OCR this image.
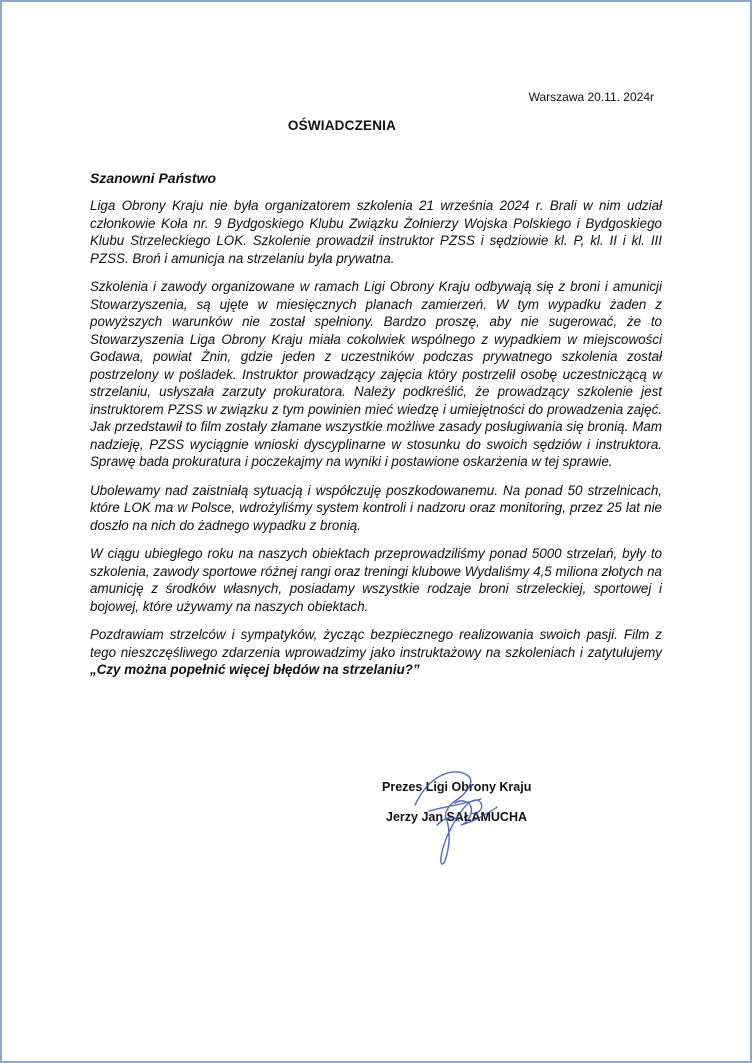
Warszawa 20.11. 2024r
OŚWIADCZENIA
Szanowni Państwo

Liga Obrony Kraju nie była organizatorem szkolenia 21 września 2024 r. Brali w nim udział członkowie Koła nr. 9 Bydgoskiego Klubu Związku Żołnierzy Wojska Polskiego i Bydgoskiego Klubu Strzeleckiego LOK. Szkolenie prowadził instruktor PZSS i sędziowie kl. P, kl. II i kl. III PZSS. Broń i amunicja na strzelaniu była prywatna.

Szkolenia i zawody organizowane w ramach Ligi Obrony Kraju odbywają się z broni i amunicji Stowarzyszenia, są ujęte w miesięcznych planach zamierzeń. W tym wypadku żaden z powyższych warunków nie został spełniony. Bardzo proszę, aby nie sugerować, że to Stowarzyszenia Liga Obrony Kraju miała cokolwiek wspólnego z wypadkiem w miejscowości Godawa, powiat Żnin, gdzie jeden z uczestników podczas prywatnego szkolenia został postrzelony w pośladek. Instruktor prowadzący zajęcia który postrzelił osobę uczestniczącą w strzelaniu, usłyszała zarzuty prokuratora. Należy podkreślić, że prowadzący szkolenie jest instruktorem PZSS w związku z tym powinien mieć wiedzę i umiejętności do prowadzenia zajęć. Jak przedstawił to film zostały złamane wszystkie możliwe zasady posługiwania się bronią. Mam nadzieję, PZSS wyciągnie wnioski dyscyplinarne w stosunku do swoich sędziów i instruktora. Sprawę bada prokuratura i poczekajmy na wyniki i postawione oskarżenia w tej sprawie.

Ubolewamy nad zaistniałą sytuacją i współczuję poszkodowanemu. Na ponad 50 strzelnicach, które LOK ma w Polsce, wdrożyliśmy system kontroli i nadzoru oraz monitoring, przez 25 lat nie doszło na nich do żadnego wypadku z bronią.

W ciągu ubiegłego roku na naszych obiektach przeprowadziliśmy ponad 5000 strzelań, były to szkolenia, zawody sportowe różnej rangi oraz treningi klubowe Wydaliśmy 4,5 miliona złotych na amunicję z środków własnych, posiadamy wszystkie rodzaje broni strzeleckiej, sportowej i bojowej, które używamy na naszych obiektach.

Pozdrawiam strzelców i sympatyków, życząc bezpiecznego realizowania swoich pasji. Film z tego nieszczęśliwego zdarzenia wprowadzimy jako instruktażowy na szkoleniach i zatytułujemy „Czy można popełnić więcej błędów na strzelaniu?”

Prezes Ligi Obrony Kraju
Jerzy Jan SAŁAMUCHA
